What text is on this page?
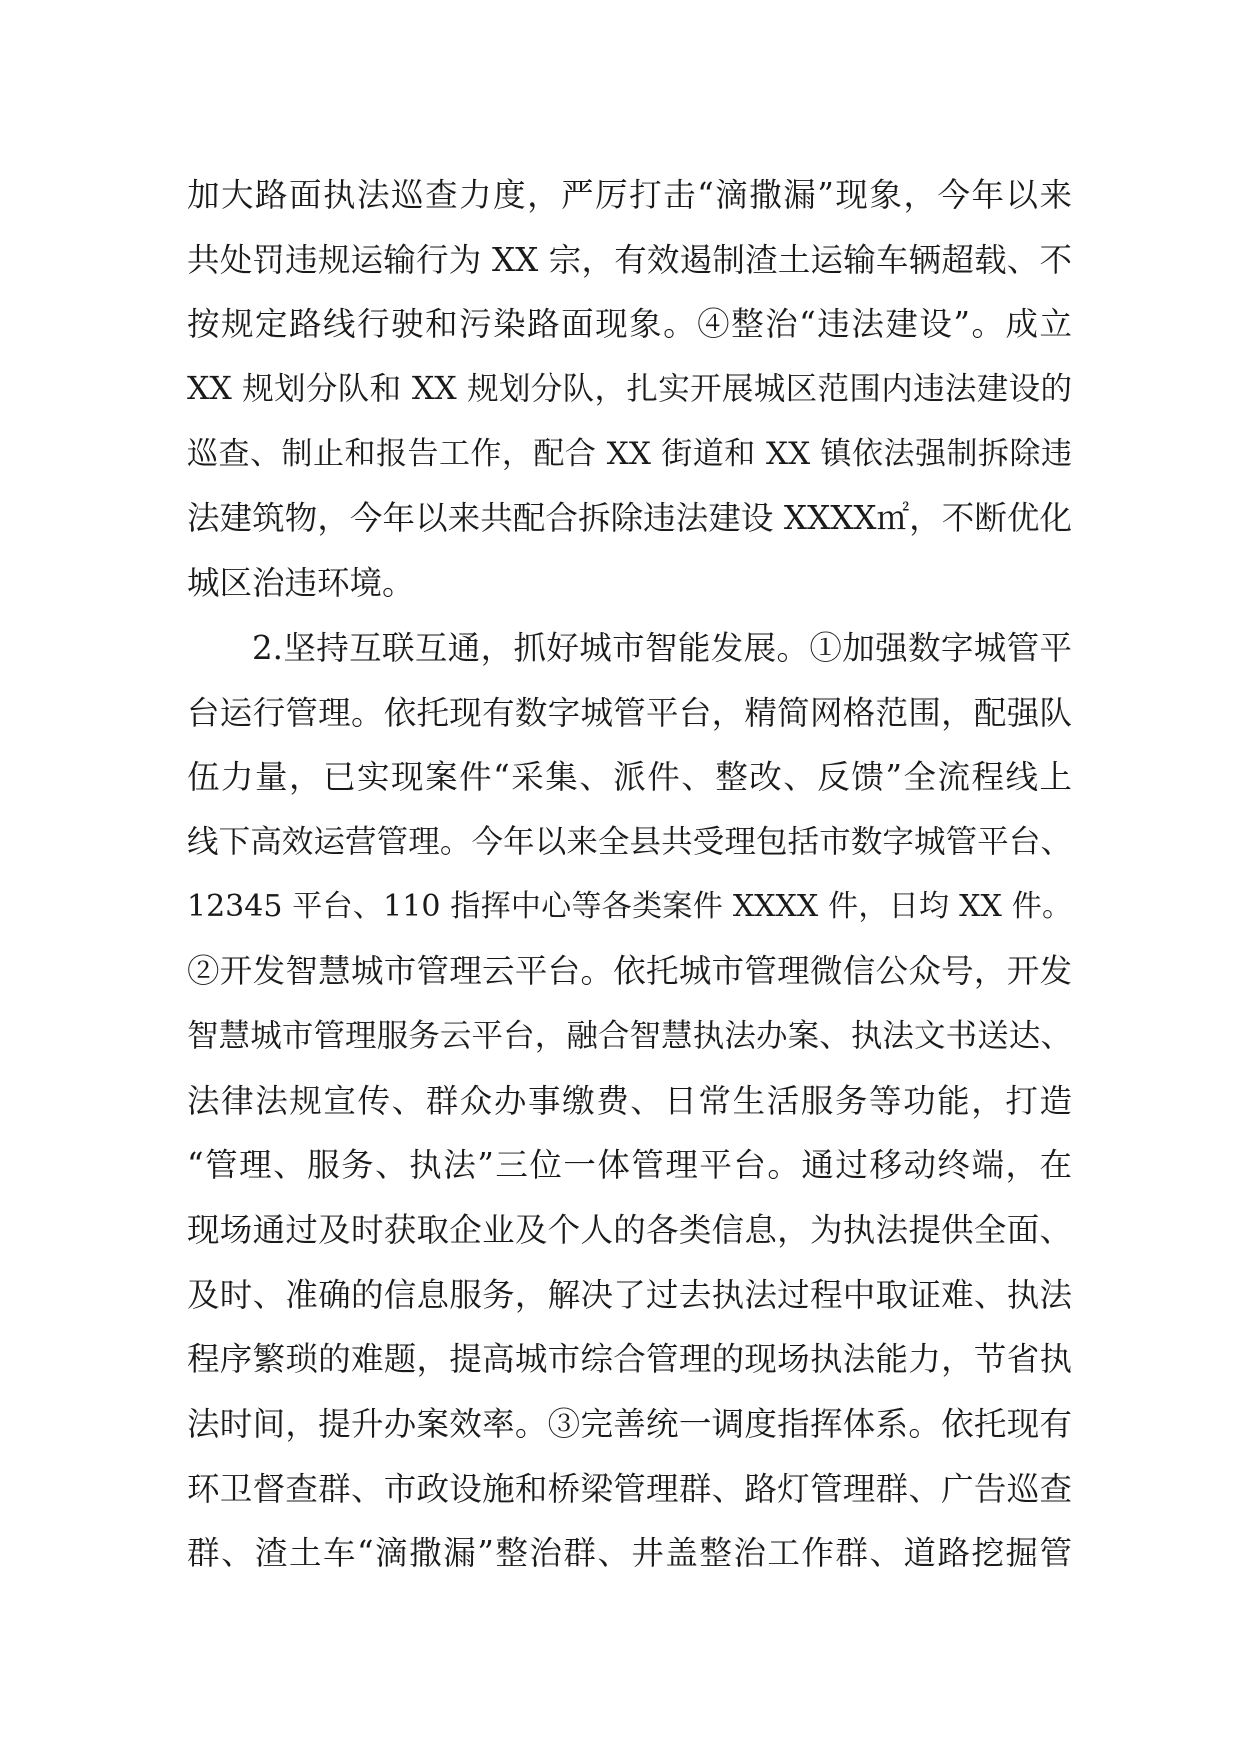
加大路面执法巡查力度，严厉打击“滴撒漏”现象，今年以来
共处罚违规运输行为 XX 宗，有效遏制渣土运输车辆超载、不
按规定路线行驶和污染路面现象。④整治“违法建设”。成立
XX 规划分队和 XX 规划分队，扎实开展城区范围内违法建设的
巡查、制止和报告工作，配合 XX 街道和 XX 镇依法强制拆除违
法建筑物，今年以来共配合拆除违法建设 XXXX㎡，不断优化
城区治违环境。
2.坚持互联互通，抓好城市智能发展。①加强数字城管平
台运行管理。依托现有数字城管平台，精简网格范围，配强队
伍力量，已实现案件“采集、派件、整改、反馈”全流程线上
线下高效运营管理。今年以来全县共受理包括市数字城管平台、
12345 平台、110 指挥中心等各类案件 XXXX 件，日均 XX 件。
②开发智慧城市管理云平台。依托城市管理微信公众号，开发
智慧城市管理服务云平台，融合智慧执法办案、执法文书送达、
法律法规宣传、群众办事缴费、日常生活服务等功能，打造
“管理、服务、执法”三位一体管理平台。通过移动终端，在
现场通过及时获取企业及个人的各类信息，为执法提供全面、
及时、准确的信息服务，解决了过去执法过程中取证难、执法
程序繁琐的难题，提高城市综合管理的现场执法能力，节省执
法时间，提升办案效率。③完善统一调度指挥体系。依托现有
环卫督查群、市政设施和桥梁管理群、路灯管理群、广告巡查
群、渣土车“滴撒漏”整治群、井盖整治工作群、道路挖掘管
